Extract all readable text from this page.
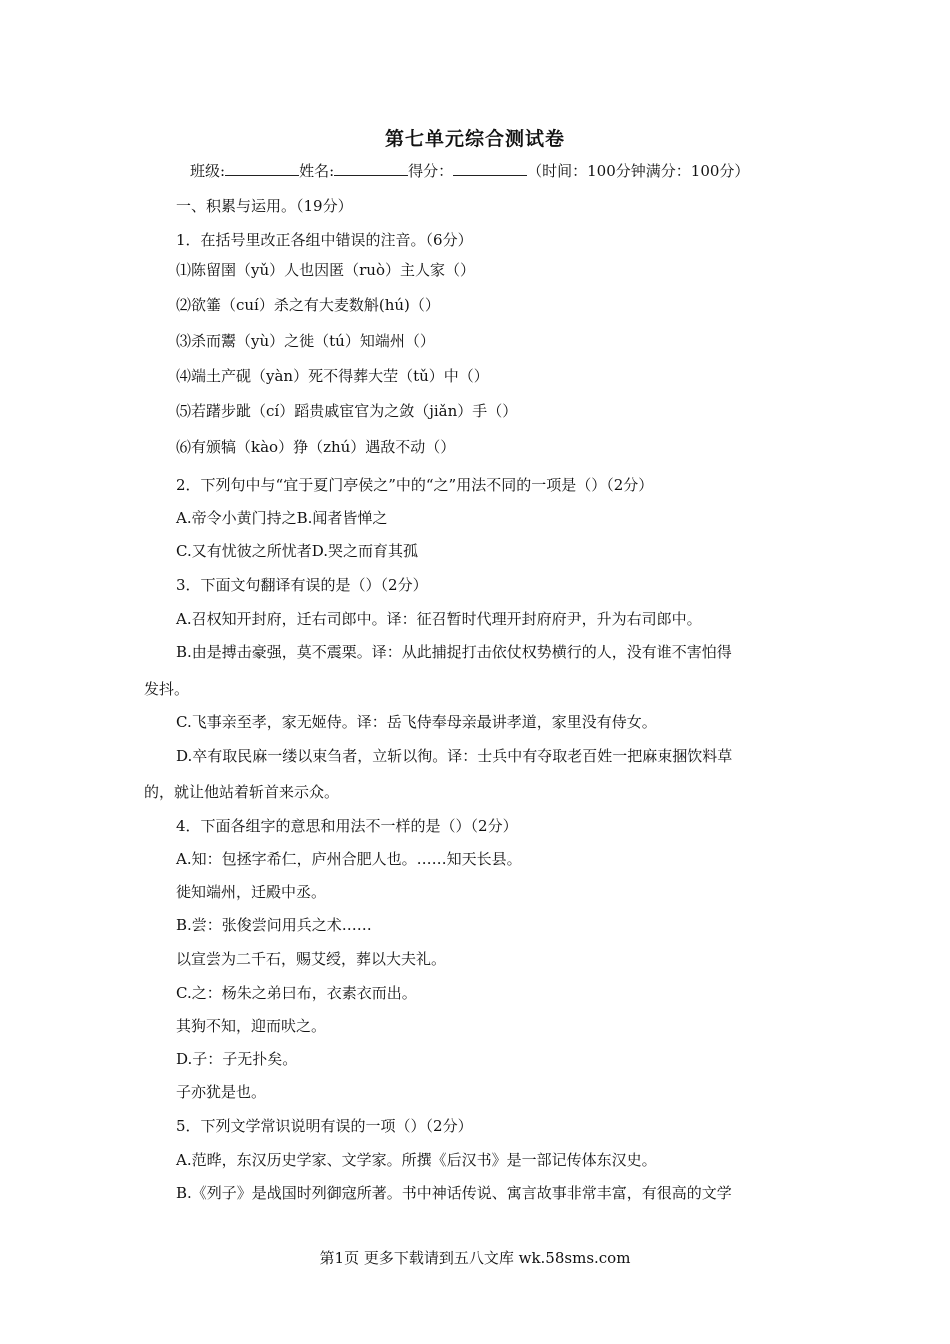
第七单元综合测试卷
班级:	姓名:	得分：	（时间：100分钟满分：100分）
一、积累与运用。（19分）
1．在括号里改正各组中错误的注音。（6分）
⑴陈留圉（yǔ）人也因匿（ruò）主人家（）
⑵欲箠（cuí）杀之有大麦数斛(hú)（）
⑶杀而鬻（yù）之徙（tú）知端州（）
⑷端土产砚（yàn）死不得葬大茔（tǔ）中（）
⑸若躇步跐（cí）蹈贵戚宦官为之敛（jiǎn）手（）
⑹有颁犒（kào）狰（zhú）遇敌不动（）
2．下列句中与“宜于夏门亭侯之”中的“之”用法不同的一项是（）（2分）
A.帝令小黄门持之B.闻者皆惮之
C.又有忧彼之所忧者D.哭之而育其孤
3．下面文句翻译有误的是（）（2分）
A.召权知开封府，迁右司郎中。译：征召暂时代理开封府府尹，升为右司郎中。
B.由是搏击豪强，莫不震栗。译：从此捕捉打击依仗权势横行的人，没有谁不害怕得
发抖。
C.飞事亲至孝，家无姬侍。译：岳飞侍奉母亲最讲孝道，家里没有侍女。
D.卒有取民麻一缕以束刍者，立斩以徇。译：士兵中有夺取老百姓一把麻束捆饮料草
的，就让他站着斩首来示众。
4．下面各组字的意思和用法不一样的是（）（2分）
A.知：包拯字希仁，庐州合肥人也。……知天长县。
徙知端州，迁殿中丞。
B.尝：张俊尝问用兵之术……
以宣尝为二千石，赐艾绶，葬以大夫礼。
C.之：杨朱之弟曰布，衣素衣而出。
其狗不知，迎而吠之。
D.子：子无扑矣。
子亦犹是也。
5．下列文学常识说明有误的一项（）（2分）
A.范晔，东汉历史学家、文学家。所撰《后汉书》是一部记传体东汉史。
B.《列子》是战国时列御寇所著。书中神话传说、寓言故事非常丰富，有很高的文学
第1页 更多下载请到五八文库 wk.58sms.com
